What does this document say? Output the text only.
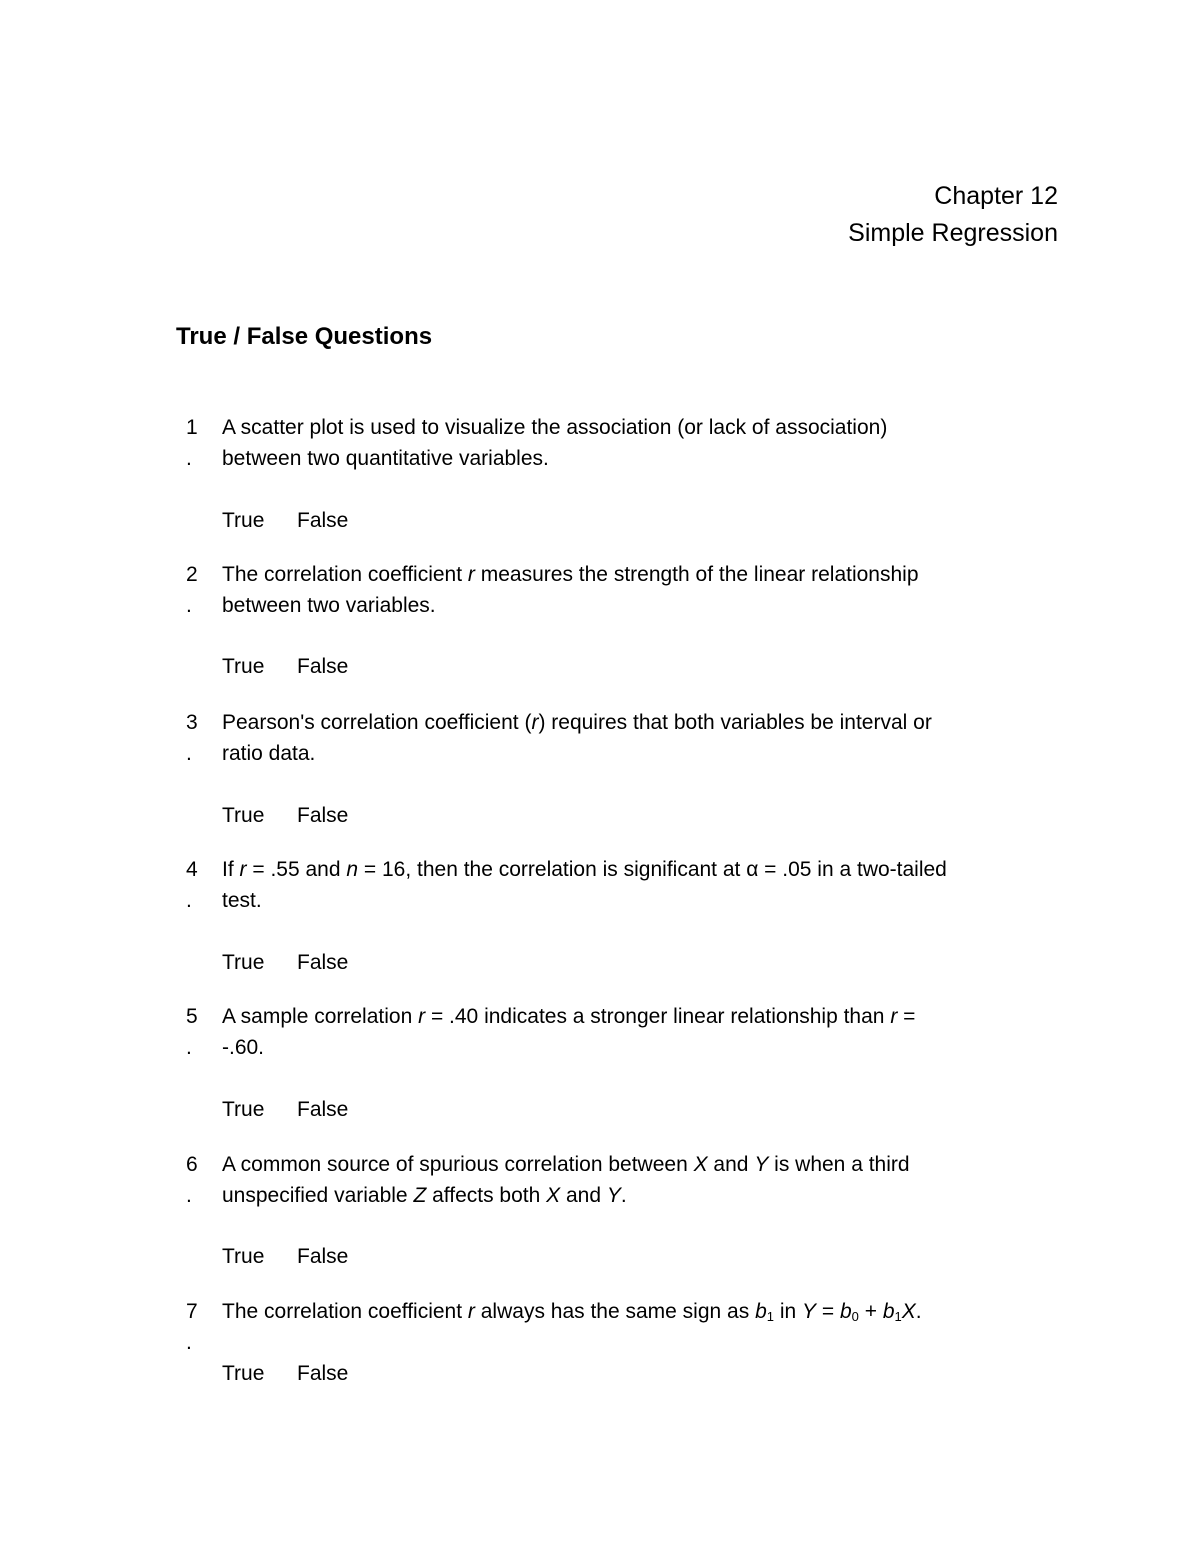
Chapter 12
Simple Regression
True / False Questions
1
.
A scatter plot is used to visualize the association (or lack of association)
between two quantitative variables.
True False
2
.
The correlation coefficient r measures the strength of the linear relationship
between two variables.
True False
3
.
Pearson's correlation coefficient (r) requires that both variables be interval or
ratio data.
True False
4
.
If r = .55 and n = 16, then the correlation is significant at α = .05 in a two-tailed
test.
True False
5
.
A sample correlation r = .40 indicates a stronger linear relationship than r =
-.60.
True False
6
.
A common source of spurious correlation between X and Y is when a third
unspecified variable Z affects both X and Y.
True False
7
.
The correlation coefficient r always has the same sign as $b_1$ in $Y = b_0 + b_1X$.
True False
